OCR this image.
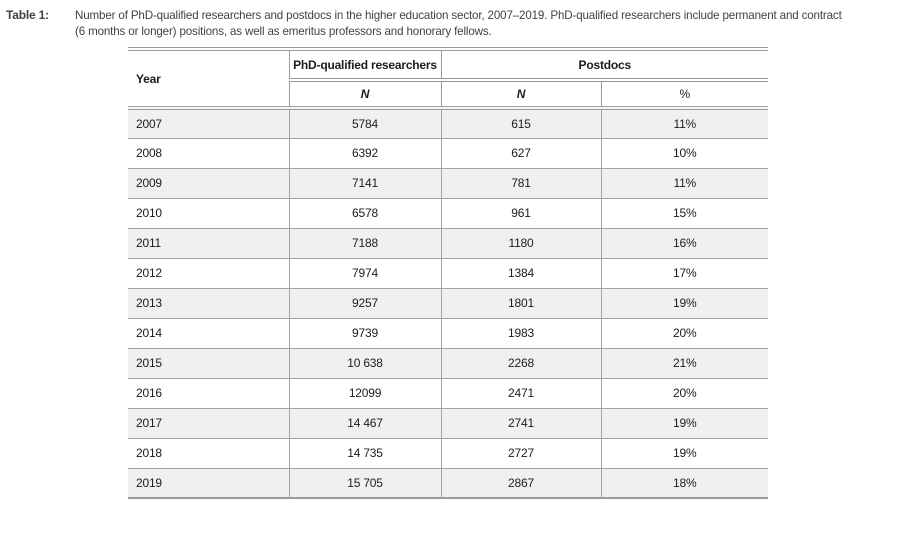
Table 1:	Number of PhD-qualified researchers and postdocs in the higher education sector, 2007–2019. PhD-qualified researchers include permanent and contract (6 months or longer) positions, as well as emeritus professors and honorary fellows.
Year	PhD-qualified researchers	Postdocs	
	N	N	%
2007	5784	615	11%
2008	6392	627	10%
2009	7141	781	11%
2010	6578	961	15%
2011	7188	1180	16%
2012	7974	1384	17%
2013	9257	1801	19%
2014	9739	1983	20%
2015	10 638	2268	21%
2016	12099	2471	20%
2017	14 467	2741	19%
2018	14 735	2727	19%
2019	15 705	2867	18%
